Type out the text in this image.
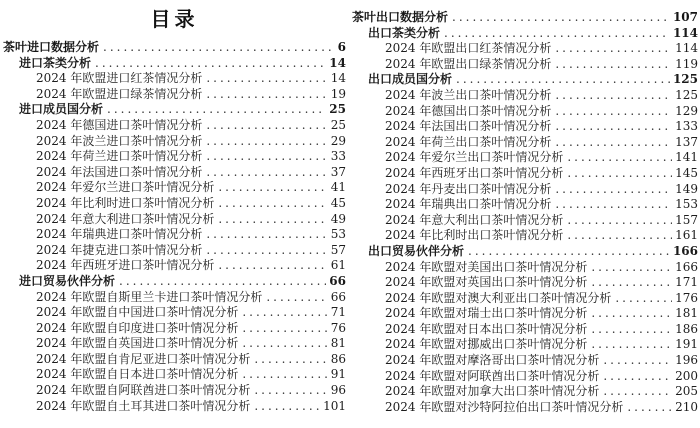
目录
茶叶进口数据分析 .....	6
进口茶类分析 .....	14
2024 年欧盟进口红茶情况分析 .....	14
2024 年欧盟进口绿茶情况分析 .....	19
进口成员国分析 .....	25
2024 年德国进口茶叶情况分析 .....	25
2024 年波兰进口茶叶情况分析 .....	29
2024 年荷兰进口茶叶情况分析 .....	33
2024 年法国进口茶叶情况分析 .....	37
2024 年爱尔兰进口茶叶情况分析 .....	41
2024 年比利时进口茶叶情况分析 .....	45
2024 年意大利进口茶叶情况分析 .....	49
2024 年瑞典进口茶叶情况分析 .....	53
2024 年捷克进口茶叶情况分析 .....	57
2024 年西班牙进口茶叶情况分析 .....	61
进口贸易伙伴分析 .....	66
2024 年欧盟自斯里兰卡进口茶叶情况分析 .....	66
2024 年欧盟自中国进口茶叶情况分析 .....	71
2024 年欧盟自印度进口茶叶情况分析 .....	76
2024 年欧盟自英国进口茶叶情况分析 .....	81
2024 年欧盟自肯尼亚进口茶叶情况分析 .....	86
2024 年欧盟自日本进口茶叶情况分析 .....	91
2024 年欧盟自阿联酋进口茶叶情况分析 .....	96
2024 年欧盟自土耳其进口茶叶情况分析 .....	101
茶叶出口数据分析 .....	107
出口茶类分析 .....	114
2024 年欧盟出口红茶情况分析 .....	114
2024 年欧盟出口绿茶情况分析 .....	119
出口成员国分析 .....	125
2024 年波兰出口茶叶情况分析 .....	125
2024 年德国出口茶叶情况分析 .....	129
2024 年法国出口茶叶情况分析 .....	133
2024 年荷兰出口茶叶情况分析 .....	137
2024 年爱尔兰出口茶叶情况分析 .....	141
2024 年西班牙出口茶叶情况分析 .....	145
2024 年丹麦出口茶叶情况分析 .....	149
2024 年瑞典出口茶叶情况分析 .....	153
2024 年意大利出口茶叶情况分析 .....	157
2024 年比利时出口茶叶情况分析 .....	161
出口贸易伙伴分析 .....	166
2024 年欧盟对美国出口茶叶情况分析 .....	166
2024 年欧盟对英国出口茶叶情况分析 .....	171
2024 年欧盟对澳大利亚出口茶叶情况分析 .....	176
2024 年欧盟对瑞士出口茶叶情况分析 .....	181
2024 年欧盟对日本出口茶叶情况分析 .....	186
2024 年欧盟对挪威出口茶叶情况分析 .....	191
2024 年欧盟对摩洛哥出口茶叶情况分析 .....	196
2024 年欧盟对阿联酋出口茶叶情况分析 .....	200
2024 年欧盟对加拿大出口茶叶情况分析 .....	205
2024 年欧盟对沙特阿拉伯出口茶叶情况分析 .....	210
